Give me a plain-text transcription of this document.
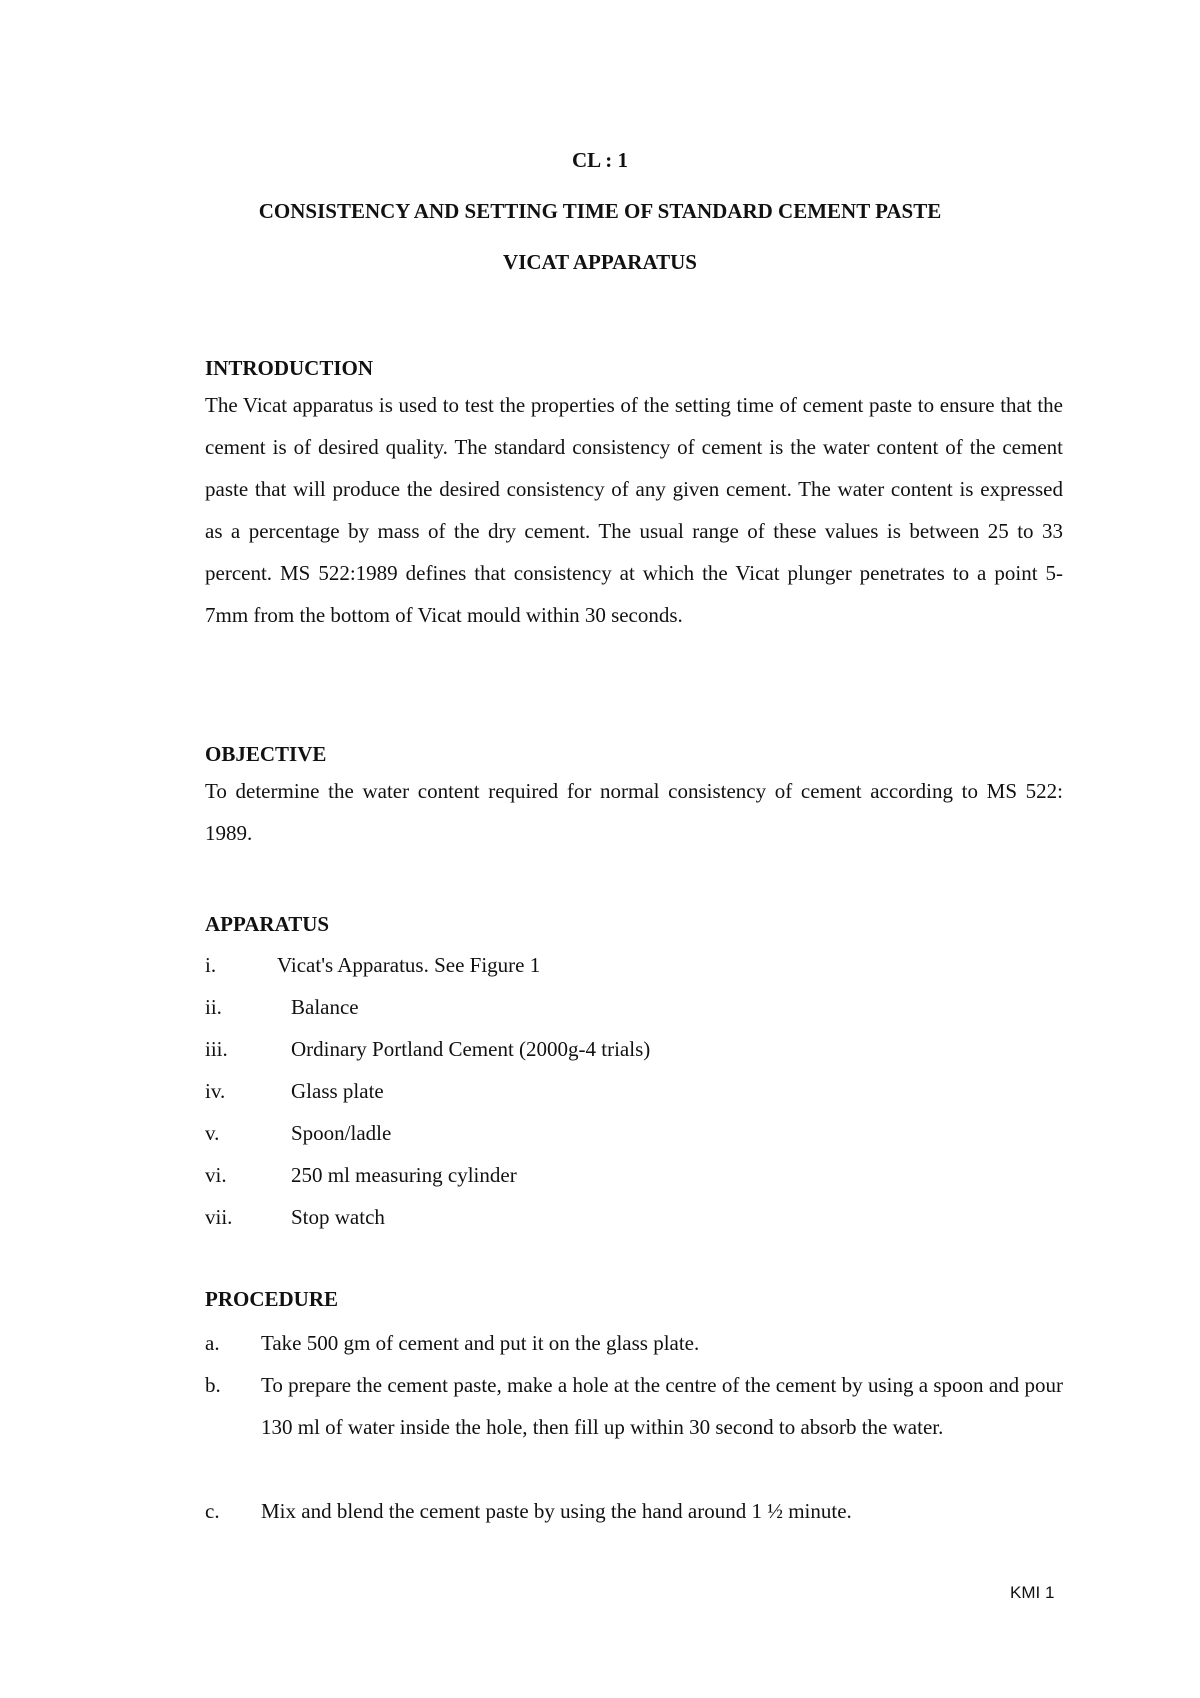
CL : 1
CONSISTENCY AND SETTING TIME OF STANDARD CEMENT PASTE
VICAT APPARATUS
INTRODUCTION
The Vicat apparatus is used to test the properties of the setting time of cement paste to ensure that the cement is of desired quality. The standard consistency of cement is the water content of the cement paste that will produce the desired consistency of any given cement. The water content is expressed as a percentage by mass of the dry cement. The usual range of these values is between 25 to 33 percent. MS 522:1989 defines that consistency at which the Vicat plunger penetrates to a point 5-7mm from the bottom of Vicat mould within 30 seconds.
OBJECTIVE
To determine the water content required for normal consistency of cement according to MS 522: 1989.
APPARATUS
i.	Vicat's Apparatus. See Figure 1
ii.	Balance
iii.	Ordinary Portland Cement (2000g-4 trials)
iv.	Glass plate
v.	Spoon/ladle
vi.	250 ml measuring cylinder
vii.	Stop watch
PROCEDURE
a. Take 500 gm of cement and put it on the glass plate.
b. To prepare the cement paste, make a hole at the centre of the cement by using a spoon and pour 130 ml of water inside the hole, then fill up within 30 second to absorb the water.
c. Mix and blend the cement paste by using the hand around 1 ½ minute.
KMI 1
